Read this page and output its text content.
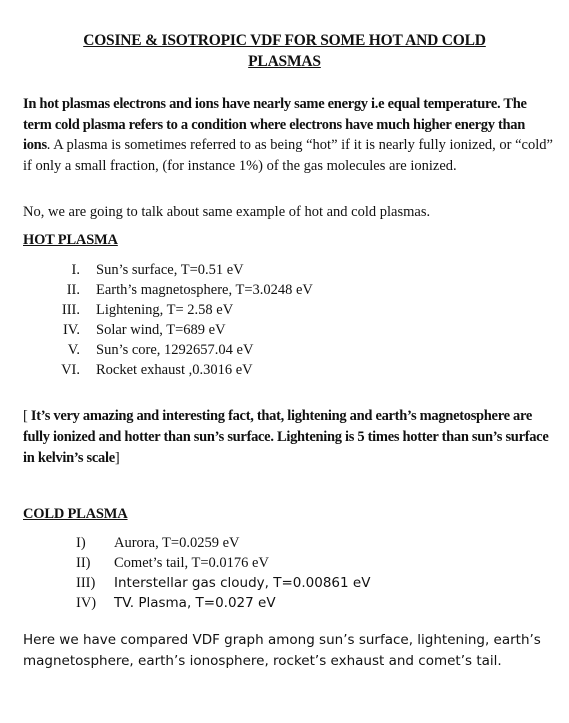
COSINE & ISOTROPIC VDF FOR SOME HOT AND COLD
PLASMAS
In hot plasmas electrons and ions have nearly same energy i.e equal temperature. The term cold plasma refers to a condition where electrons have much higher energy than ions. A plasma is sometimes referred to as being “hot” if it is nearly fully ionized, or “cold” if only a small fraction, (for instance 1%) of the gas molecules are ionized.
No, we are going to talk about same example of hot and cold plasmas.
HOT PLASMA
I. Sun’s surface, T=0.51 eV
II. Earth’s magnetosphere, T=3.0248 eV
III. Lightening, T= 2.58 eV
IV. Solar wind, T=689 eV
V. Sun’s core, 1292657.04 eV
VI. Rocket exhaust ,0.3016 eV
[ It’s very amazing and interesting fact, that, lightening and earth’s magnetosphere are fully ionized and hotter than sun’s surface. Lightening is 5 times hotter than sun’s surface in kelvin’s scale]
COLD PLASMA
I)	Aurora, T=0.0259 eV
II)	Comet’s tail, T=0.0176 eV
III) Interstellar gas cloudy, T=0.00861 eV
IV) TV. Plasma, T=0.027 eV
Here we have compared VDF graph among sun’s surface, lightening, earth’s magnetosphere, earth’s ionosphere, rocket’s exhaust and comet’s tail.
